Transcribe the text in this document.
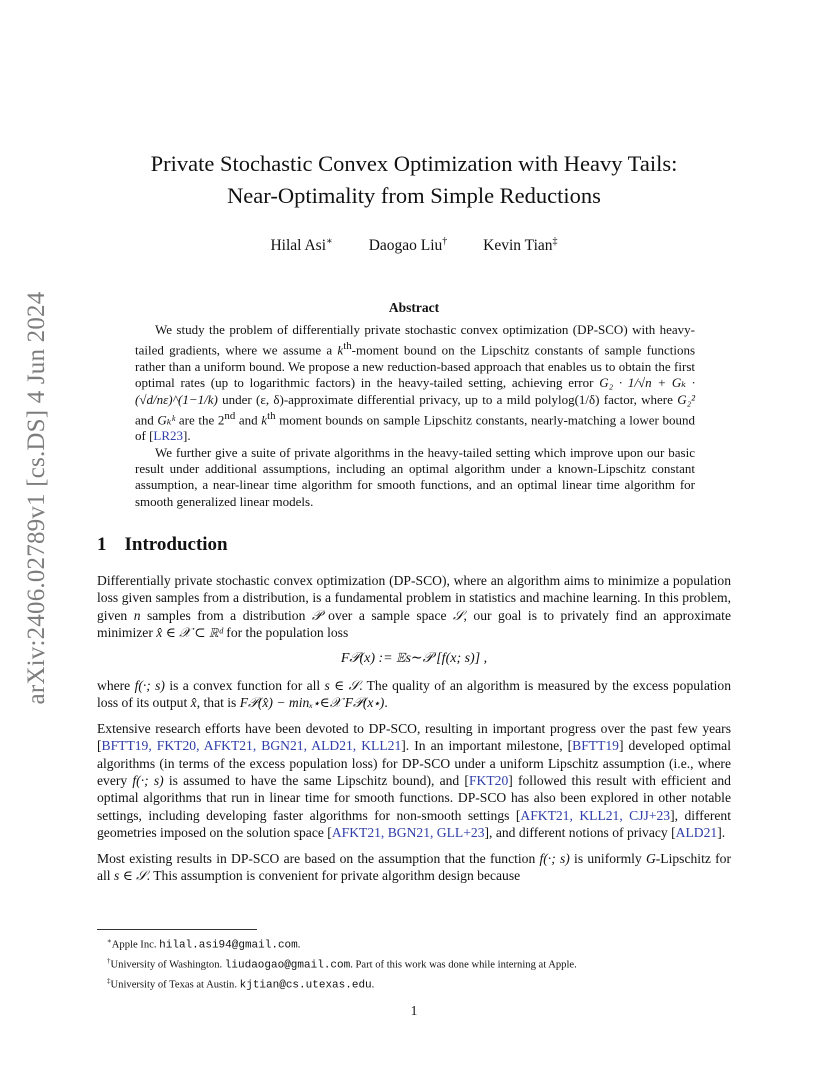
arXiv:2406.02789v1 [cs.DS] 4 Jun 2024
Private Stochastic Convex Optimization with Heavy Tails:
Near-Optimality from Simple Reductions
Hilal Asi∗ Daogao Liu† Kevin Tian‡
Abstract

We study the problem of differentially private stochastic convex optimization (DP-SCO) with heavy-tailed gradients, where we assume a $k^{th}$-moment bound on the Lipschitz constants of sample functions rather than a uniform bound. We propose a new reduction-based approach that enables us to obtain the first optimal rates (up to logarithmic factors) in the heavy-tailed setting, achieving error G₂ · 1/√n + Gₖ · (√d/nε)^(1−1/k) under (ε, δ)-approximate differential privacy, up to a mild polylog(1/δ) factor, where G₂² and Gₖᵏ are the 2nd and $k^{th}$ moment bounds on sample Lipschitz constants, nearly-matching a lower bound of [LR23].

We further give a suite of private algorithms in the heavy-tailed setting which improve upon our basic result under additional assumptions, including an optimal algorithm under a known-Lipschitz constant assumption, a near-linear time algorithm for smooth functions, and an optimal linear time algorithm for smooth generalized linear models.

1 Introduction

Differentially private stochastic convex optimization (DP-SCO), where an algorithm aims to minimize a population loss given samples from a distribution, is a fundamental problem in statistics and machine learning. In this problem, given n samples from a distribution 𝒫 over a sample space 𝒮, our goal is to privately find an approximate minimizer x̂ ∈ 𝒳 ⊂ ℝᵈ for the population loss

F𝒫(x) := 𝔼s∼𝒫 [f(x; s)] ,

where f(·; s) is a convex function for all s ∈ 𝒮. The quality of an algorithm is measured by the excess population loss of its output x̂, that is F𝒫(x̂) − minₓ⋆∈𝒳 F𝒫(x⋆).

Extensive research efforts have been devoted to DP-SCO, resulting in important progress over the past few years [BFTT19, FKT20, AFKT21, BGN21, ALD21, KLL21]. In an important milestone, [BFTT19] developed optimal algorithms (in terms of the excess population loss) for DP-SCO under a uniform Lipschitz assumption (i.e., where every f(·; s) is assumed to have the same Lipschitz bound), and [FKT20] followed this result with efficient and optimal algorithms that run in linear time for smooth functions. DP-SCO has also been explored in other notable settings, including developing faster algorithms for non-smooth settings [AFKT21, KLL21, CJJ+23], different geometries imposed on the solution space [AFKT21, BGN21, GLL+23], and different notions of privacy [ALD21].

Most existing results in DP-SCO are based on the assumption that the function f(·; s) is uniformly G-Lipschitz for all s ∈ 𝒮. This assumption is convenient for private algorithm design because

∗Apple Inc. hilal.asi94@gmail.com.
†University of Washington. liudaogao@gmail.com. Part of this work was done while interning at Apple.
‡University of Texas at Austin. kjtian@cs.utexas.edu.
1
